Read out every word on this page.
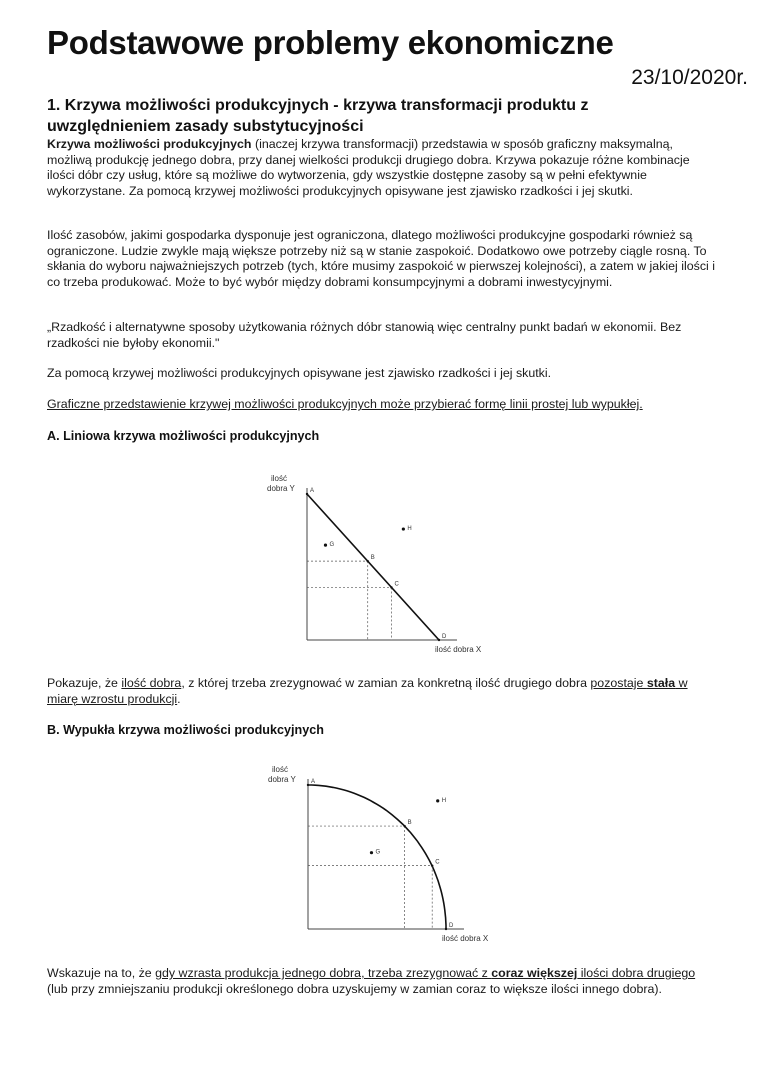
Podstawowe problemy ekonomiczne

23/10/2020r.

1. Krzywa możliwości produkcyjnych - krzywa transformacji produktu z uwzględnieniem zasady substytucyjności

Krzywa możliwości produkcyjnych (inaczej krzywa transformacji) przedstawia w sposób graficzny maksymalną, możliwą produkcję jednego dobra, przy danej wielkości produkcji drugiego dobra. Krzywa pokazuje różne kombinacje ilości dóbr czy usług, które są możliwe do wytworzenia, gdy wszystkie dostępne zasoby są w pełni efektywnie wykorzystane. Za pomocą krzywej możliwości produkcyjnych opisywane jest zjawisko rzadkości i jej skutki.

Ilość zasobów, jakimi gospodarka dysponuje jest ograniczona, dlatego możliwości produkcyjne gospodarki również są ograniczone. Ludzie zwykle mają większe potrzeby niż są w stanie zaspokoić. Dodatkowo owe potrzeby ciągle rosną. To skłania do wyboru najważniejszych potrzeb (tych, które musimy zaspokoić w pierwszej kolejności), a zatem w jakiej ilości i co trzeba produkować. Może to być wybór między dobrami konsumpcyjnymi a dobrami inwestycyjnymi.

„Rzadkość i alternatywne sposoby użytkowania różnych dóbr stanowią więc centralny punkt badań w ekonomii. Bez rzadkości nie byłoby ekonomii."

Za pomocą krzywej możliwości produkcyjnych opisywane jest zjawisko rzadkości i jej skutki.

Graficzne przedstawienie krzywej możliwości produkcyjnych może przybierać formę linii prostej lub wypukłej.

A. Liniowa krzywa możliwości produkcyjnych
ilość
dobra Y
ilość dobra X
A
B
C
D
G
H

Pokazuje, że ilość dobra, z której trzeba zrezygnować w zamian za konkretną ilość drugiego dobra pozostaje stała w miarę wzrostu produkcji.

B. Wypukła krzywa możliwości produkcyjnych
ilość
dobra Y
ilość dobra X
A
B
C
D
G
H

Wskazuje na to, że gdy wzrasta produkcja jednego dobra, trzeba zrezygnować z coraz większej ilości dobra drugiego (lub przy zmniejszaniu produkcji określonego dobra uzyskujemy w zamian coraz to większe ilości innego dobra).
